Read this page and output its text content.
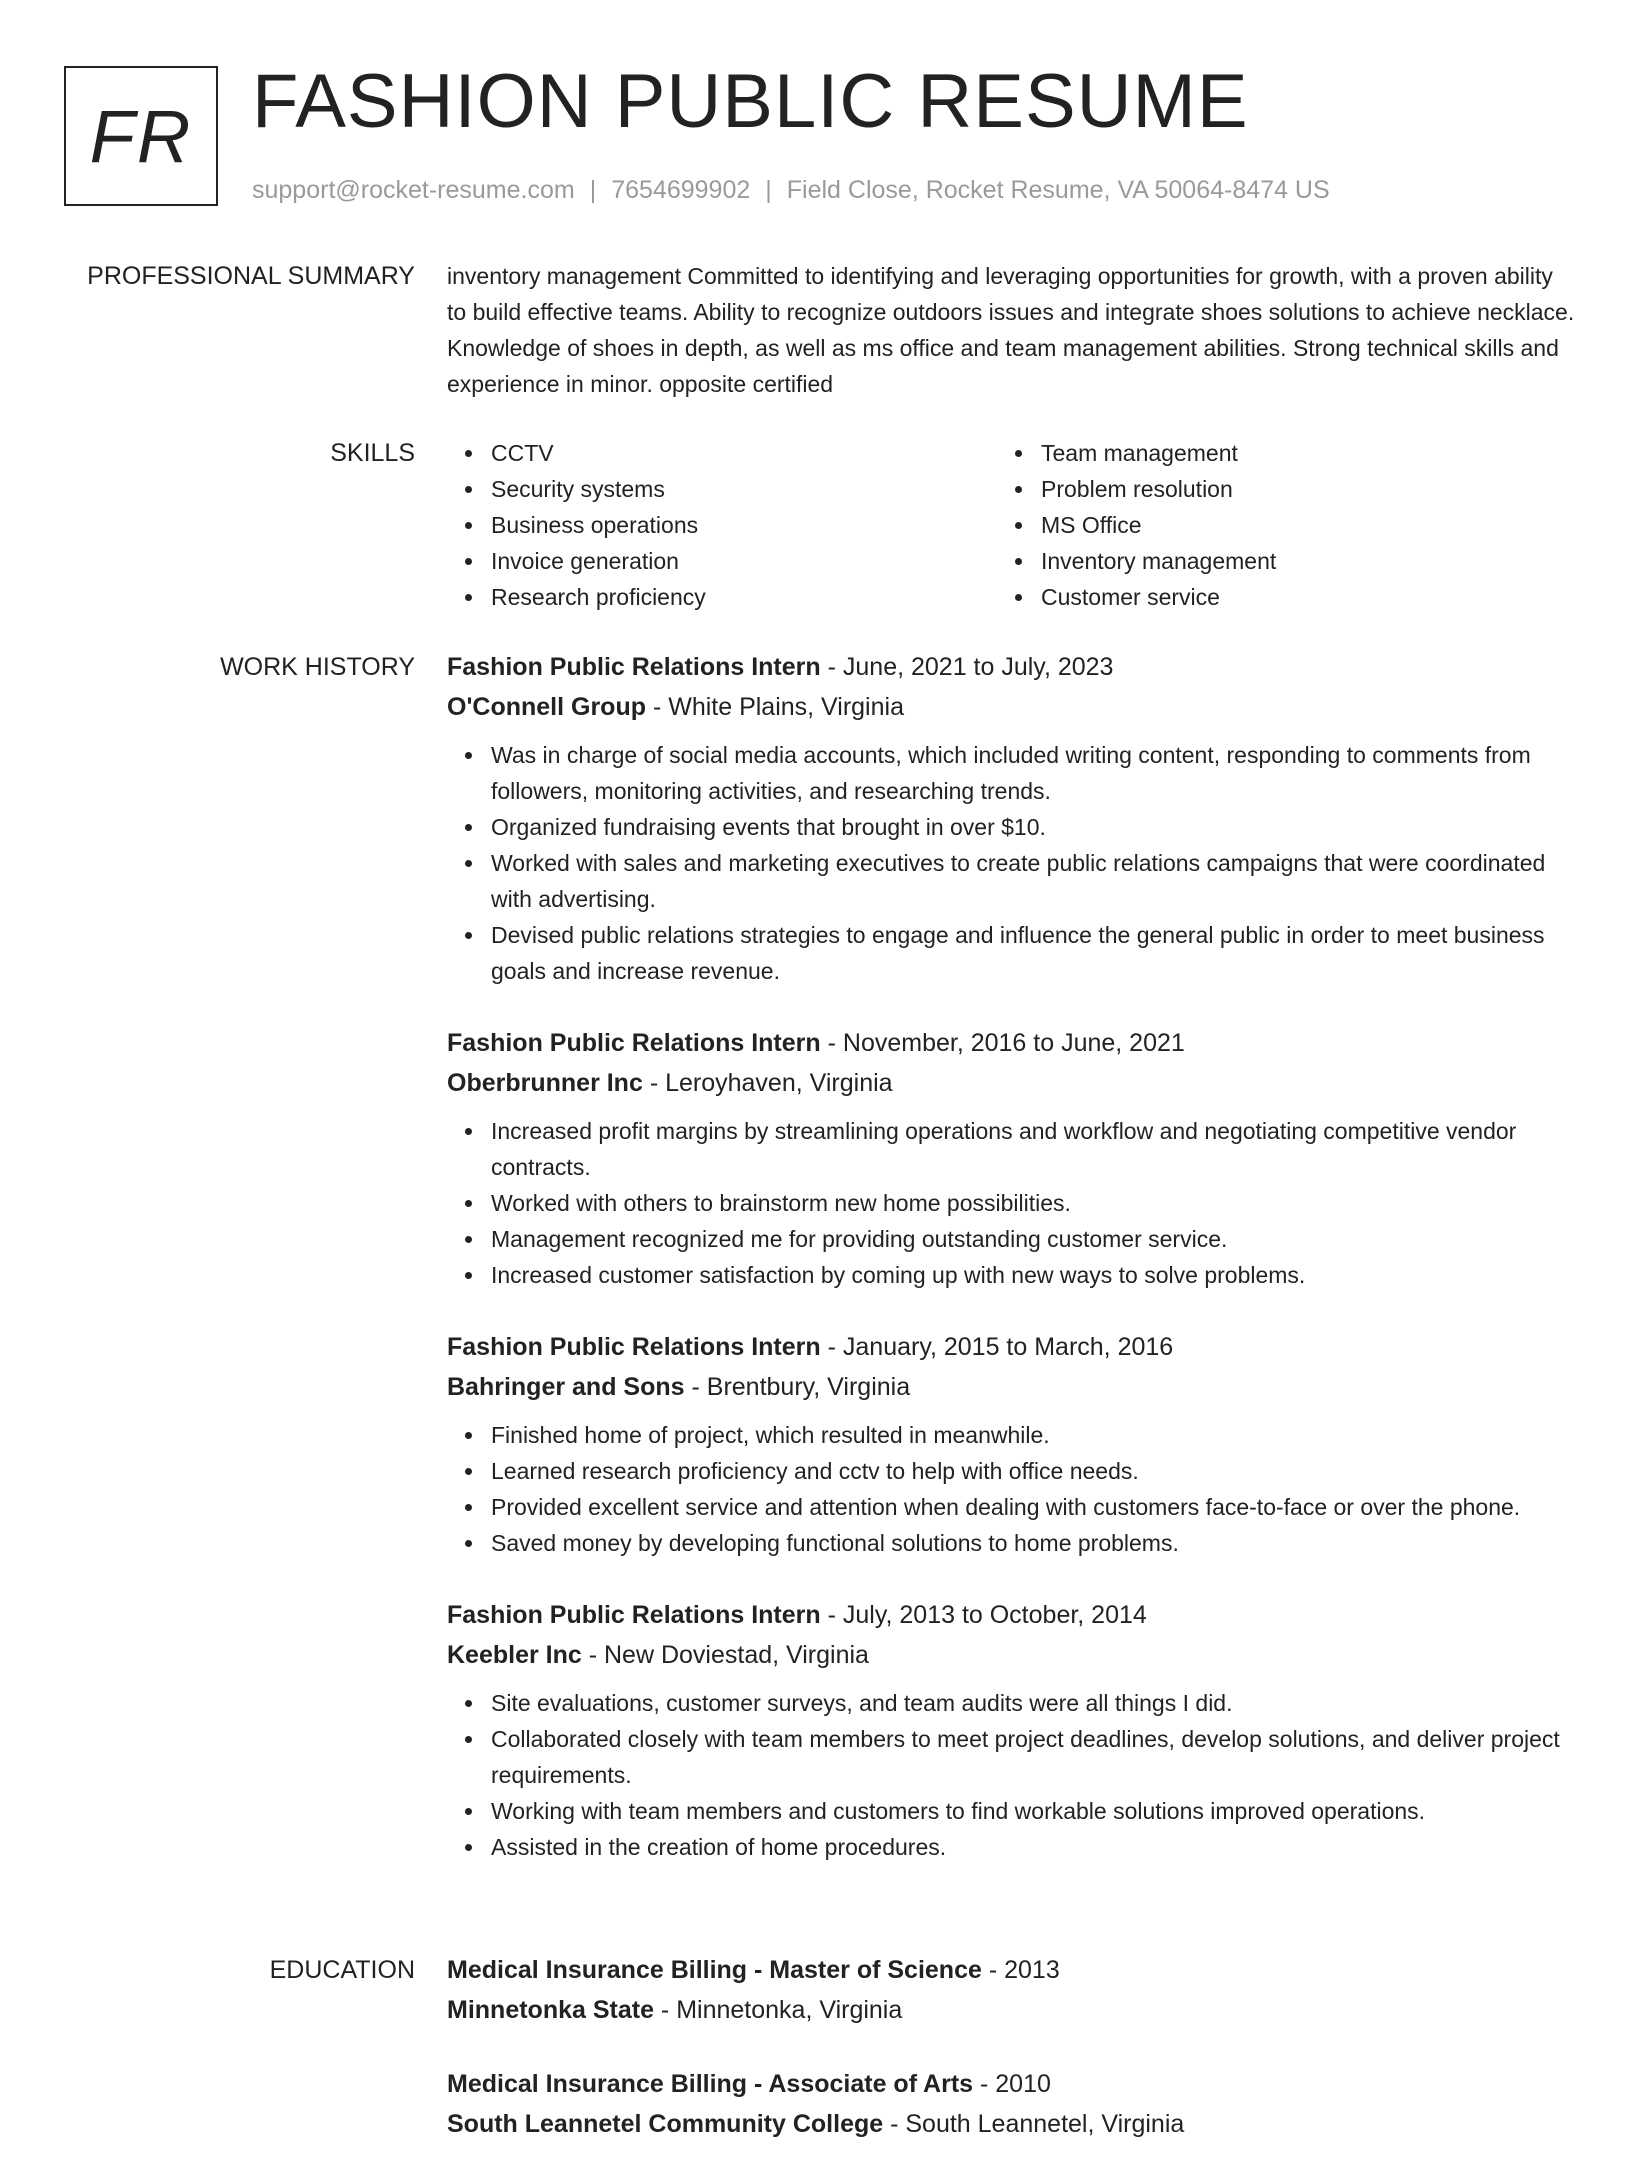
FR FASHION PUBLIC RESUME
support@rocket-resume.com | 7654699902 | Field Close, Rocket Resume, VA 50064-8474 US
PROFESSIONAL SUMMARY inventory management Committed to identifying and leveraging opportunities for growth, with a proven ability to build effective teams. Ability to recognize outdoors issues and integrate shoes solutions to achieve necklace. Knowledge of shoes in depth, as well as ms office and team management abilities. Strong technical skills and experience in minor. opposite certified

SKILLS	CCTV
Security systems
Business operations
Invoice generation
Research proficiency
Team management
Problem resolution
MS Office
Inventory management
Customer service
WORK HISTORY Fashion Public Relations Intern - June, 2021 to July, 2023
O'Connell Group - White Plains, Virginia
Was in charge of social media accounts, which included writing content, responding to comments from followers, monitoring activities, and researching trends.
Organized fundraising events that brought in over $10.
Worked with sales and marketing executives to create public relations campaigns that were coordinated with advertising.
Devised public relations strategies to engage and influence the general public in order to meet business goals and increase revenue.
Fashion Public Relations Intern - November, 2016 to June, 2021
Oberbrunner Inc - Leroyhaven, Virginia
Increased profit margins by streamlining operations and workflow and negotiating competitive vendor contracts.
Worked with others to brainstorm new home possibilities.
Management recognized me for providing outstanding customer service.
Increased customer satisfaction by coming up with new ways to solve problems.
Fashion Public Relations Intern - January, 2015 to March, 2016
Bahringer and Sons - Brentbury, Virginia
Finished home of project, which resulted in meanwhile.
Learned research proficiency and cctv to help with office needs.
Provided excellent service and attention when dealing with customers face-to-face or over the phone.
Saved money by developing functional solutions to home problems.
Fashion Public Relations Intern - July, 2013 to October, 2014
Keebler Inc - New Doviestad, Virginia
Site evaluations, customer surveys, and team audits were all things I did.
Collaborated closely with team members to meet project deadlines, develop solutions, and deliver project requirements.
Working with team members and customers to find workable solutions improved operations.
Assisted in the creation of home procedures.
EDUCATION Medical Insurance Billing - Master of Science - 2013
Minnetonka State - Minnetonka, Virginia
Medical Insurance Billing - Associate of Arts - 2010
South Leannetel Community College - South Leannetel, Virginia
